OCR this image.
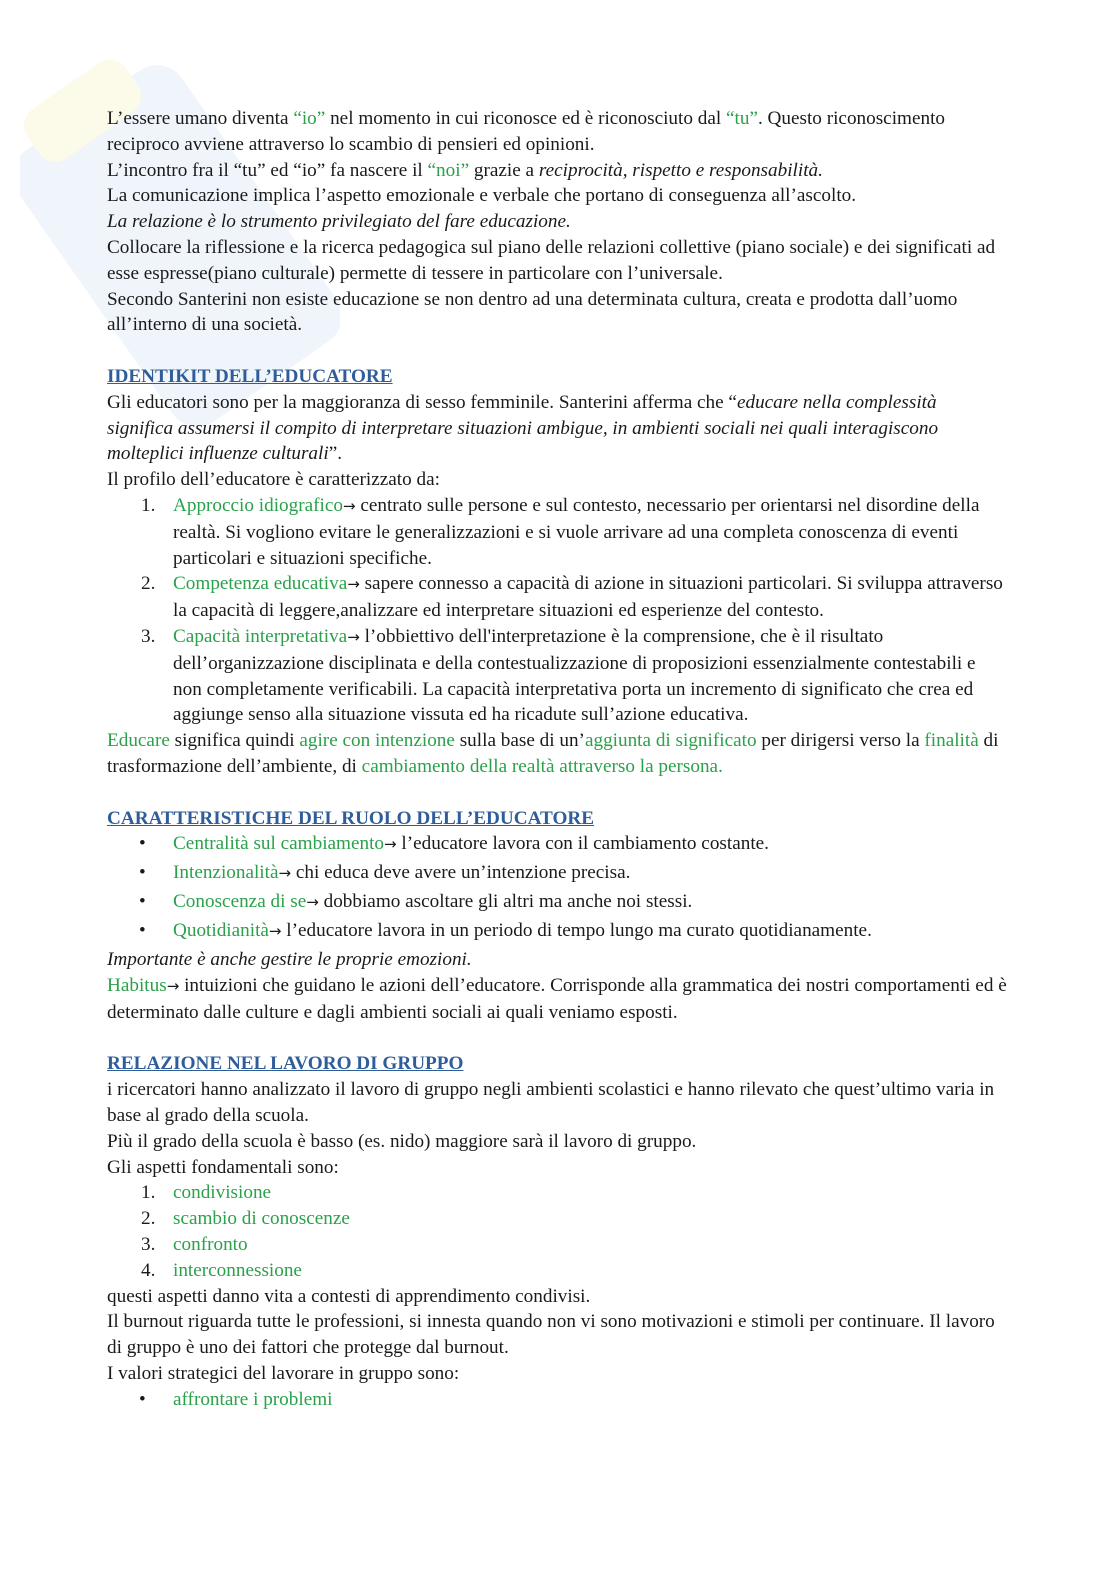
L’essere umano diventa “io” nel momento in cui riconosce ed è riconosciuto dal “tu”. Questo riconoscimento reciproco avviene attraverso lo scambio di pensieri ed opinioni.

L’incontro fra il “tu” ed “io” fa nascere il “noi” grazie a reciprocità, rispetto e responsabilità.

La comunicazione implica l’aspetto emozionale e verbale che portano di conseguenza all’ascolto.

La relazione è lo strumento privilegiato del fare educazione.

Collocare la riflessione e la ricerca pedagogica sul piano delle relazioni collettive (piano sociale) e dei significati ad esse espresse(piano culturale) permette di tessere in particolare con l’universale.

Secondo Santerini non esiste educazione se non dentro ad una determinata cultura, creata e prodotta dall’uomo all’interno di una società.

IDENTIKIT DELL’EDUCATORE

Gli educatori sono per la maggioranza di sesso femminile. Santerini afferma che “educare nella complessità significa assumersi il compito di interpretare situazioni ambigue, in ambienti sociali nei quali interagiscono molteplici influenze culturali”.

Il profilo dell’educatore è caratterizzato da:

1. Approccio idiografico→ centrato sulle persone e sul contesto, necessario per orientarsi nel disordine della realtà. Si vogliono evitare le generalizzazioni e si vuole arrivare ad una completa conoscenza di eventi particolari e situazioni specifiche.
2. Competenza educativa→ sapere connesso a capacità di azione in situazioni particolari. Si sviluppa attraverso la capacità di leggere,analizzare ed interpretare situazioni ed esperienze del contesto.
3. Capacità interpretativa→ l’obbiettivo dell'interpretazione è la comprensione, che è il risultato dell’organizzazione disciplinata e della contestualizzazione di proposizioni essenzialmente contestabili e non completamente verificabili. La capacità interpretativa porta un incremento di significato che crea ed aggiunge senso alla situazione vissuta ed ha ricadute sull’azione educativa.

Educare significa quindi agire con intenzione sulla base di un’aggiunta di significato per dirigersi verso la finalità di trasformazione dell’ambiente, di cambiamento della realtà attraverso la persona.

CARATTERISTICHE DEL RUOLO DELL’EDUCATORE

•
Centralità sul cambiamento→ l’educatore lavora con il cambiamento costante.
•
Intenzionalità→ chi educa deve avere un’intenzione precisa.
•
Conoscenza di se→ dobbiamo ascoltare gli altri ma anche noi stessi.
•
Quotidianità→ l’educatore lavora in un periodo di tempo lungo ma curato quotidianamente.

Importante è anche gestire le proprie emozioni.

Habitus→ intuizioni che guidano le azioni dell’educatore. Corrisponde alla grammatica dei nostri comportamenti ed è determinato dalle culture e dagli ambienti sociali ai quali veniamo esposti.

RELAZIONE NEL LAVORO DI GRUPPO

i ricercatori hanno analizzato il lavoro di gruppo negli ambienti scolastici e hanno rilevato che quest’ultimo varia in base al grado della scuola.

Più il grado della scuola è basso (es. nido) maggiore sarà il lavoro di gruppo.

Gli aspetti fondamentali sono:

1. condivisione
2. scambio di conoscenze
3. confronto
4. interconnessione

questi aspetti danno vita a contesti di apprendimento condivisi.

Il burnout riguarda tutte le professioni, si innesta quando non vi sono motivazioni e stimoli per continuare. Il lavoro di gruppo è uno dei fattori che protegge dal burnout.

I valori strategici del lavorare in gruppo sono:

•
affrontare i problemi
